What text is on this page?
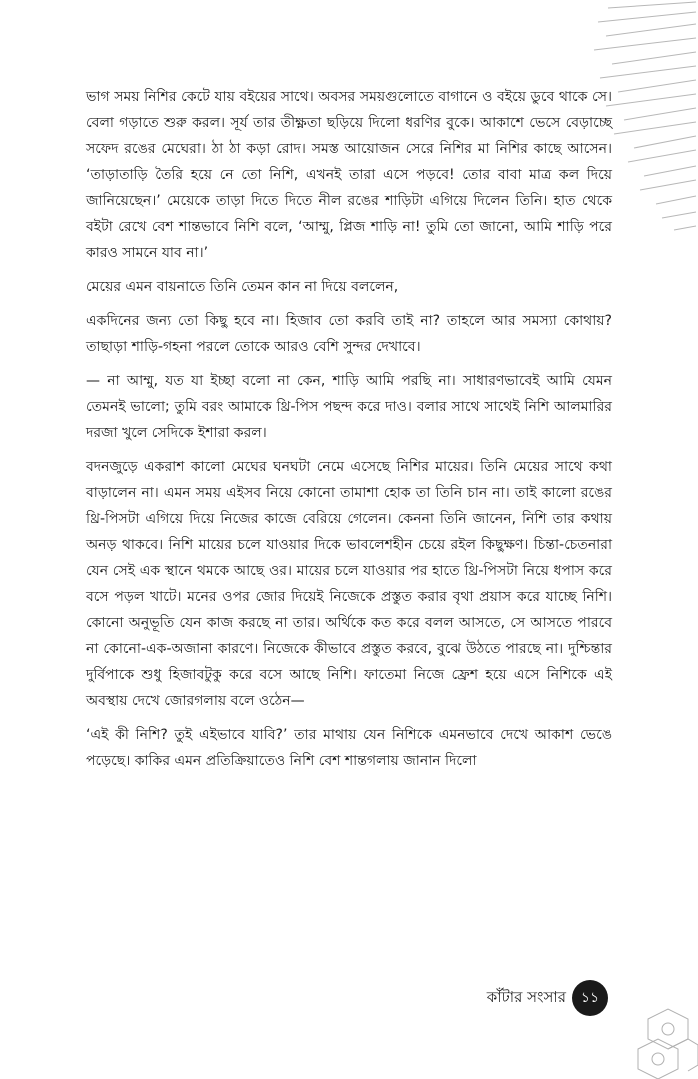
ভাগ সময় নিশির কেটে যায় বইয়ের সাথে। অবসর সময়গুলোতে বাগানে ও বইয়ে ডুবে থাকে সে। বেলা গড়াতে শুরু করল। সূর্য তার তীক্ষ্ণতা ছড়িয়ে দিলো ধরণির বুকে। আকাশে ভেসে বেড়াচ্ছে সফেদ রঙের মেঘেরা। ঠা ঠা কড়া রোদ। সমস্ত আয়োজন সেরে নিশির মা নিশির কাছে আসেন। ‘তাড়াতাড়ি তৈরি হয়ে নে তো নিশি, এখনই তারা এসে পড়বে! তোর বাবা মাত্র কল দিয়ে জানিয়েছেন।’ মেয়েকে তাড়া দিতে দিতে নীল রঙের শাড়িটা এগিয়ে দিলেন তিনি। হাত থেকে বইটা রেখে বেশ শান্তভাবে নিশি বলে, ‘আম্মু, প্লিজ শাড়ি না! তুমি তো জানো, আমি শাড়ি পরে কারও সামনে যাব না।’

মেয়ের এমন বায়নাতে তিনি তেমন কান না দিয়ে বললেন,

একদিনের জন্য তো কিছু হবে না। হিজাব তো করবি তাই না? তাহলে আর সমস্যা কোথায়? তাছাড়া শাড়ি-গহনা পরলে তোকে আরও বেশি সুন্দর দেখাবে।

— না আম্মু, যত যা ইচ্ছা বলো না কেন, শাড়ি আমি পরছি না। সাধারণভাবেই আমি যেমন তেমনই ভালো; তুমি বরং আমাকে থ্রি-পিস পছন্দ করে দাও। বলার সাথে সাথেই নিশি আলমারির দরজা খুলে সেদিকে ইশারা করল।

বদনজুড়ে একরাশ কালো মেঘের ঘনঘটা নেমে এসেছে নিশির মায়ের। তিনি মেয়ের সাথে কথা বাড়ালেন না। এমন সময় এইসব নিয়ে কোনো তামাশা হোক তা তিনি চান না। তাই কালো রঙের থ্রি-পিসটা এগিয়ে দিয়ে নিজের কাজে বেরিয়ে গেলেন। কেননা তিনি জানেন, নিশি তার কথায় অনড় থাকবে। নিশি মায়ের চলে যাওয়ার দিকে ভাবলেশহীন চেয়ে রইল কিছুক্ষণ। চিন্তা-চেতনারা যেন সেই এক স্থানে থমকে আছে ওর। মায়ের চলে যাওয়ার পর হাতে থ্রি-পিসটা নিয়ে ধপাস করে বসে পড়ল খাটে। মনের ওপর জোর দিয়েই নিজেকে প্রস্তুত করার বৃথা প্রয়াস করে যাচ্ছে নিশি। কোনো অনুভূতি যেন কাজ করছে না তার। অর্থিকে কত করে বলল আসতে, সে আসতে পারবে না কোনো-এক-অজানা কারণে। নিজেকে কীভাবে প্রস্তুত করবে, বুঝে উঠতে পারছে না। দুশ্চিন্তার দুর্বিপাকে শুধু হিজাবটুকু করে বসে আছে নিশি। ফাতেমা নিজে ফ্রেশ হয়ে এসে নিশিকে এই অবস্থায় দেখে জোরগলায় বলে ওঠেন—

‘এই কী নিশি? তুই এইভাবে যাবি?’ তার মাথায় যেন নিশিকে এমনভাবে দেখে আকাশ ভেঙে পড়েছে। কাকির এমন প্রতিক্রিয়াতেও নিশি বেশ শান্তগলায় জানান দিলো

কাঁটার সংসার	১১
